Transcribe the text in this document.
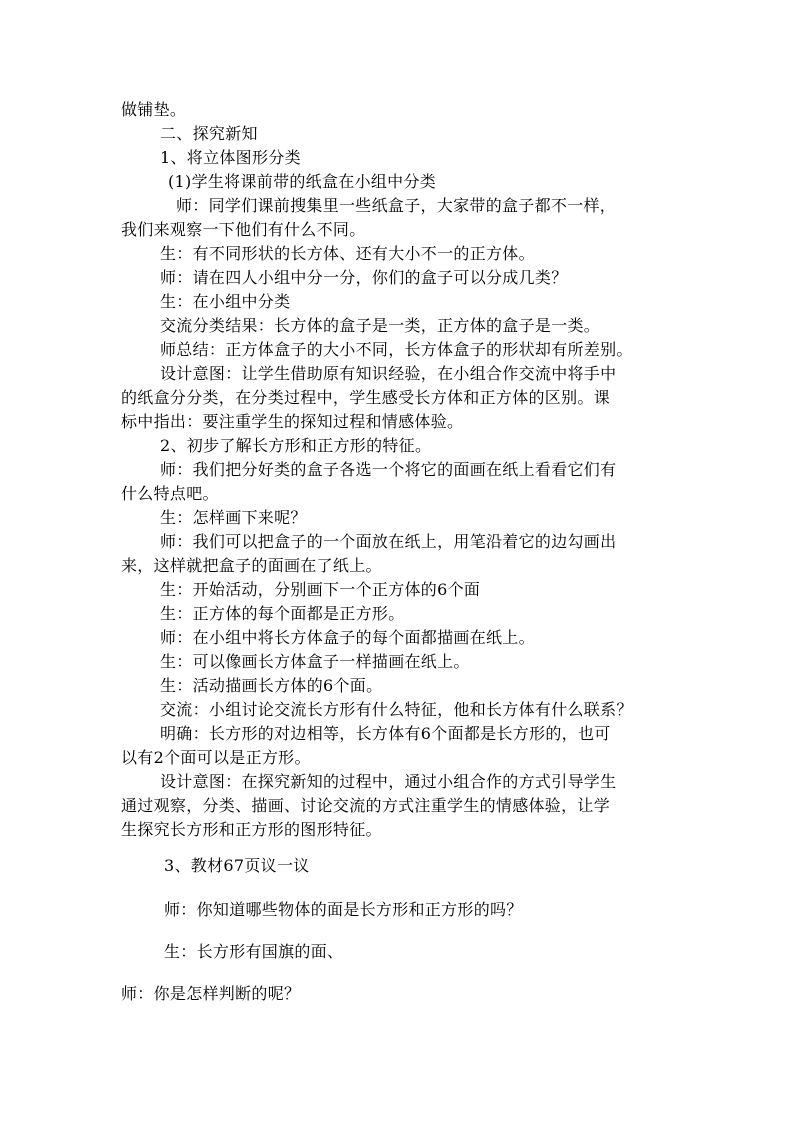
做铺垫。
二、探究新知
1、将立体图形分类
(1)学生将课前带的纸盒在小组中分类
师：同学们课前搜集里一些纸盒子，大家带的盒子都不一样，
我们来观察一下他们有什么不同。
生：有不同形状的长方体、还有大小不一的正方体。
师：请在四人小组中分一分，你们的盒子可以分成几类？
生：在小组中分类
交流分类结果：长方体的盒子是一类，正方体的盒子是一类。
师总结：正方体盒子的大小不同，长方体盒子的形状却有所差别。
设计意图：让学生借助原有知识经验，在小组合作交流中将手中
的纸盒分分类，在分类过程中，学生感受长方体和正方体的区别。课
标中指出：要注重学生的探知过程和情感体验。
2、初步了解长方形和正方形的特征。
师：我们把分好类的盒子各选一个将它的面画在纸上看看它们有
什么特点吧。
生：怎样画下来呢？
师：我们可以把盒子的一个面放在纸上，用笔沿着它的边勾画出
来，这样就把盒子的面画在了纸上。
生：开始活动，分别画下一个正方体的6个面
生：正方体的每个面都是正方形。
师：在小组中将长方体盒子的每个面都描画在纸上。
生：可以像画长方体盒子一样描画在纸上。
生：活动描画长方体的6个面。
交流：小组讨论交流长方形有什么特征，他和长方体有什么联系？
明确：长方形的对边相等，长方体有6个面都是长方形的，也可
以有2个面可以是正方形。
设计意图：在探究新知的过程中，通过小组合作的方式引导学生
通过观察，分类、描画、讨论交流的方式注重学生的情感体验，让学
生探究长方形和正方形的图形特征。
3、教材67页议一议
师：你知道哪些物体的面是长方形和正方形的吗？
生：长方形有国旗的面、
师：你是怎样判断的呢？
